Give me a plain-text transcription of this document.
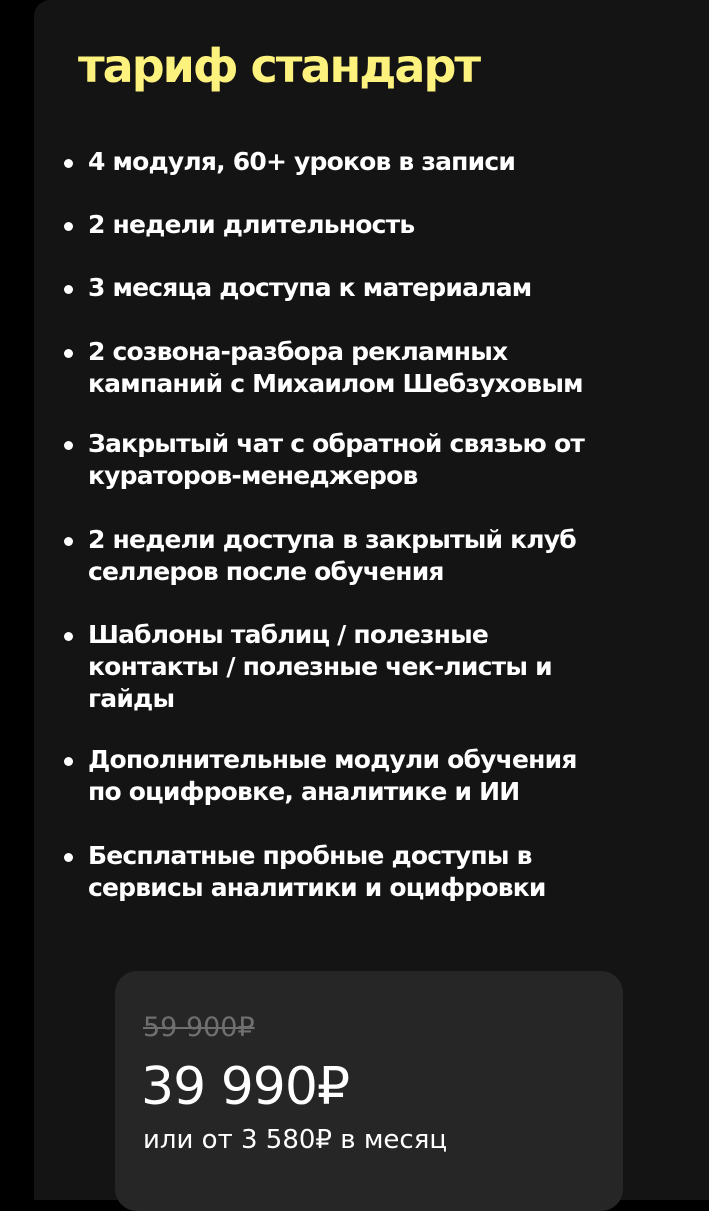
тариф стандарт
4 модуля, 60+ уроков в записи
2 недели длительность
3 месяца доступа к материалам
2 созвона-разбора рекламных
кампаний с Михаилом Шебзуховым
Закрытый чат с обратной связью от
кураторов-менеджеров
2 недели доступа в закрытый клуб
селлеров после обучения
Шаблоны таблиц / полезные
контакты / полезные чек-листы и
гайды
Дополнительные модули обучения
по оцифровке, аналитике и ИИ
Бесплатные пробные доступы в
сервисы аналитики и оцифровки
59 900₽
39 990₽
или от 3 580₽ в месяц
